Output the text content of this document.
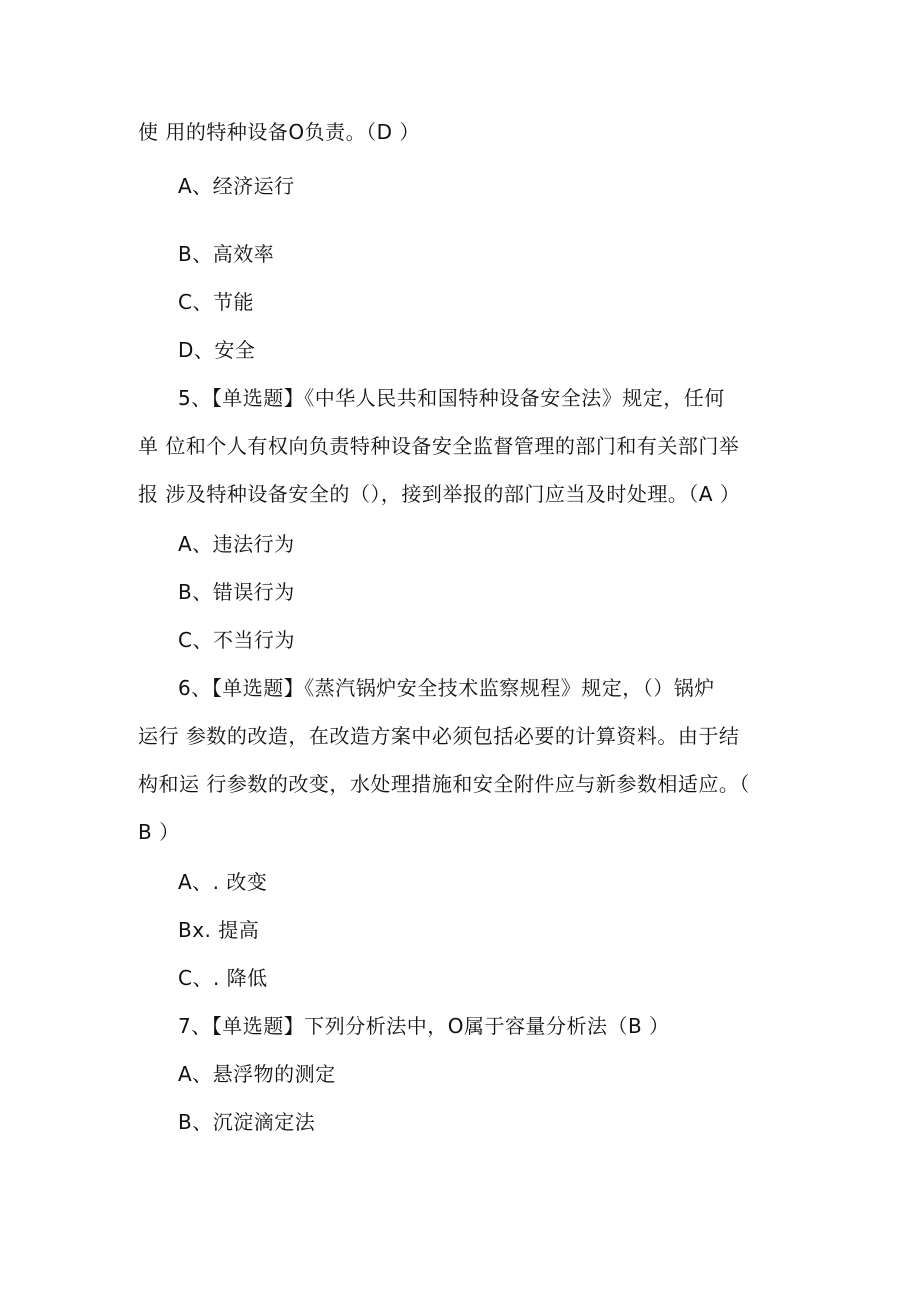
使 用的特种设备O负责。（D ）
A、经济运行
B、高效率
C、节能
D、安全
5、【单选题】《中华人民共和国特种设备安全法》规定，任何
单 位和个人有权向负责特种设备安全监督管理的部门和有关部门举
报 涉及特种设备安全的（），接到举报的部门应当及时处理。（A ）
A、违法行为
B、错误行为
C、不当行为
6、【单选题】《蒸汽锅炉安全技术监察规程》规定，（）锅炉
运行 参数的改造，在改造方案中必须包括必要的计算资料。由于结
构和运 行参数的改变，水处理措施和安全附件应与新参数相适应。（
B ）
A、. 改变
Bx. 提高
C、. 降低
7、【单选题】下列分析法中，O属于容量分析法（B ）
A、悬浮物的测定
B、沉淀滴定法
